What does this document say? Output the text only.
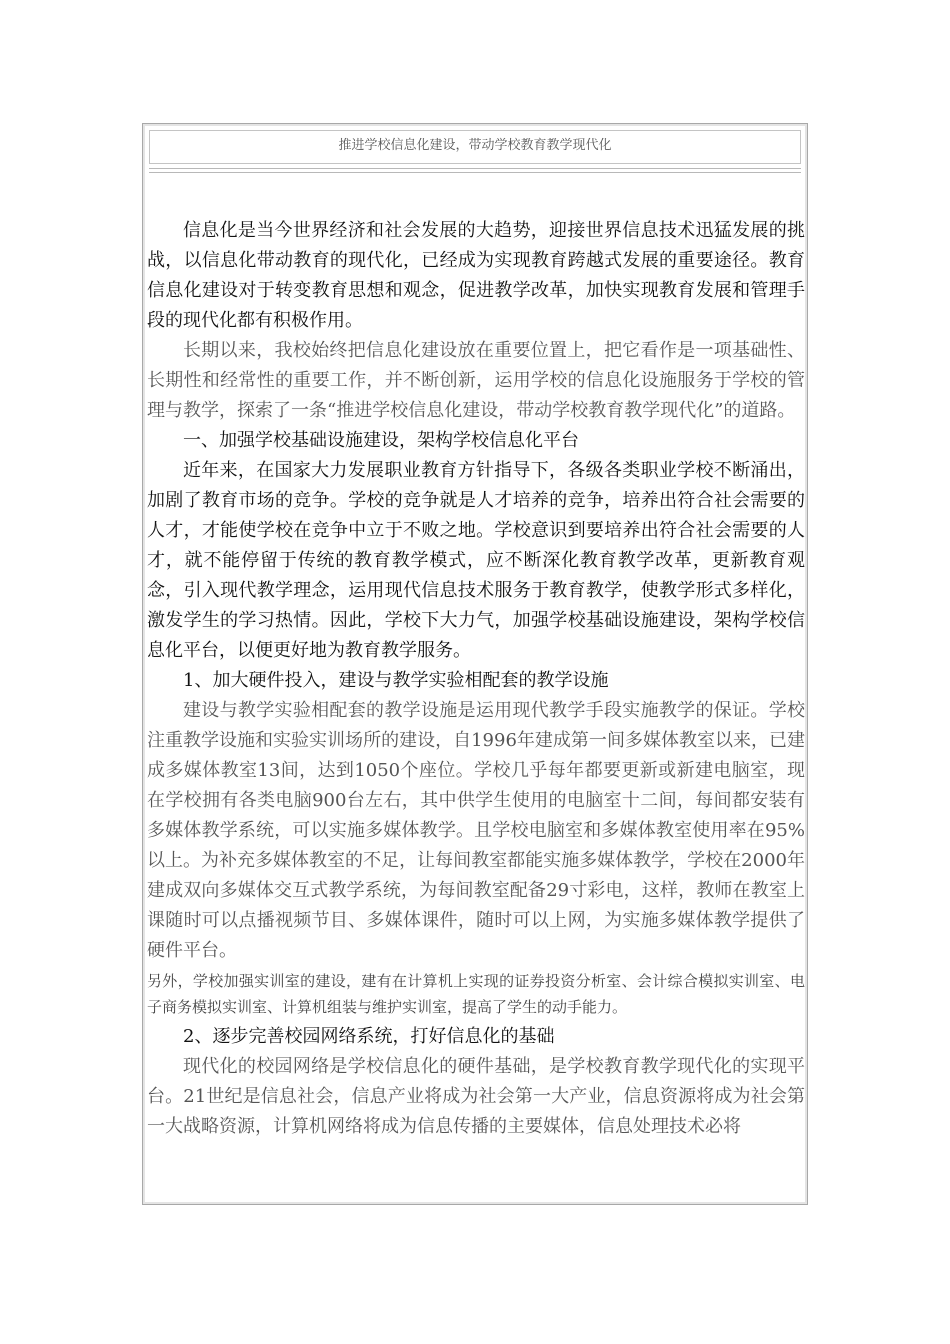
推进学校信息化建设，带动学校教育教学现代化

信息化是当今世界经济和社会发展的大趋势，迎接世界信息技术迅猛发展的挑战，以信息化带动教育的现代化，已经成为实现教育跨越式发展的重要途径。教育信息化建设对于转变教育思想和观念，促进教学改革，加快实现教育发展和管理手段的现代化都有积极作用。

长期以来，我校始终把信息化建设放在重要位置上，把它看作是一项基础性、长期性和经常性的重要工作，并不断创新，运用学校的信息化设施服务于学校的管理与教学，探索了一条“推进学校信息化建设，带动学校教育教学现代化”的道路。

一、加强学校基础设施建设，架构学校信息化平台

近年来，在国家大力发展职业教育方针指导下，各级各类职业学校不断涌出，加剧了教育市场的竞争。学校的竞争就是人才培养的竞争，培养出符合社会需要的人才，才能使学校在竞争中立于不败之地。学校意识到要培养出符合社会需要的人才，就不能停留于传统的教育教学模式，应不断深化教育教学改革，更新教育观念，引入现代教学理念，运用现代信息技术服务于教育教学，使教学形式多样化，激发学生的学习热情。因此，学校下大力气，加强学校基础设施建设，架构学校信息化平台，以便更好地为教育教学服务。

1、加大硬件投入，建设与教学实验相配套的教学设施

建设与教学实验相配套的教学设施是运用现代教学手段实施教学的保证。学校注重教学设施和实验实训场所的建设，自1996年建成第一间多媒体教室以来，已建成多媒体教室13间，达到1050个座位。学校几乎每年都要更新或新建电脑室，现在学校拥有各类电脑900台左右，其中供学生使用的电脑室十二间，每间都安装有多媒体教学系统，可以实施多媒体教学。且学校电脑室和多媒体教室使用率在95%以上。为补充多媒体教室的不足，让每间教室都能实施多媒体教学，学校在2000年建成双向多媒体交互式教学系统，为每间教室配备29寸彩电，这样，教师在教室上课随时可以点播视频节目、多媒体课件，随时可以上网，为实施多媒体教学提供了硬件平台。

另外，学校加强实训室的建设，建有在计算机上实现的证券投资分析室、会计综合模拟实训室、电子商务模拟实训室、计算机组装与维护实训室，提高了学生的动手能力。

2、逐步完善校园网络系统，打好信息化的基础

现代化的校园网络是学校信息化的硬件基础，是学校教育教学现代化的实现平台。21世纪是信息社会，信息产业将成为社会第一大产业，信息资源将成为社会第一大战略资源，计算机网络将成为信息传播的主要媒体，信息处理技术必将
